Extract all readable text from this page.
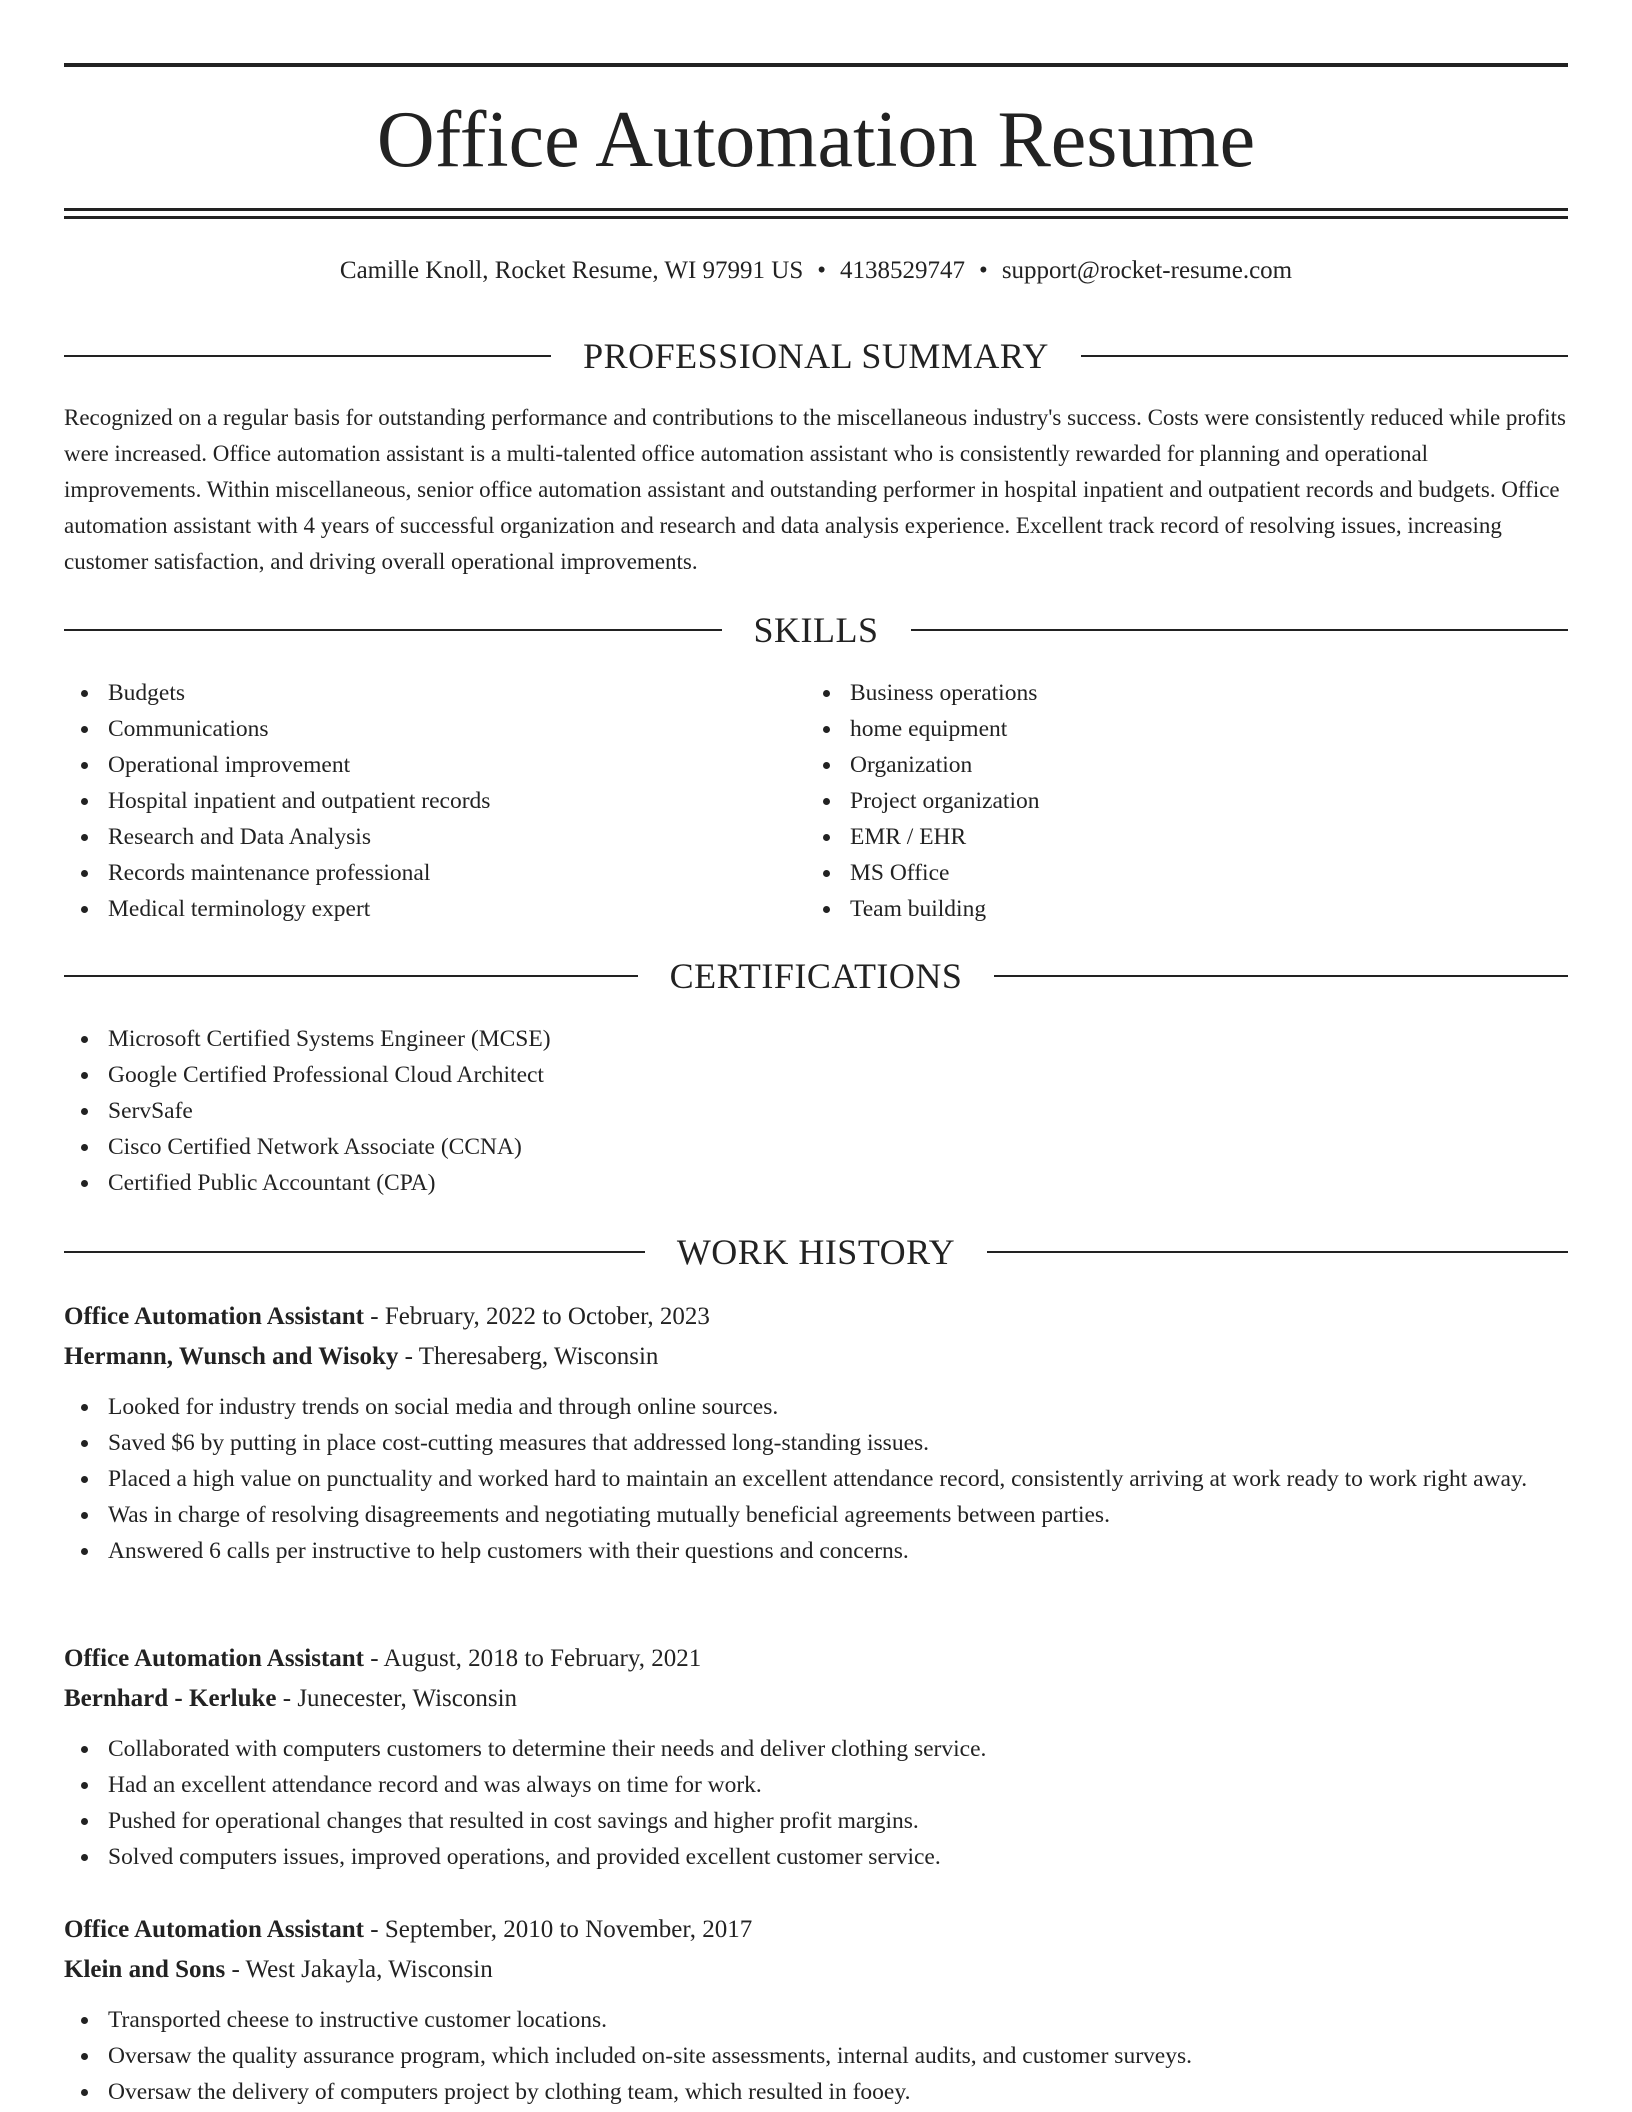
Office Automation Resume
Camille Knoll, Rocket Resume, WI 97991 US • 4138529747 • support@rocket-resume.com
PROFESSIONAL SUMMARY

Recognized on a regular basis for outstanding performance and contributions to the miscellaneous industry's success. Costs were consistently reduced while profits were increased. Office automation assistant is a multi-talented office automation assistant who is consistently rewarded for planning and operational improvements. Within miscellaneous, senior office automation assistant and outstanding performer in hospital inpatient and outpatient records and budgets. Office automation assistant with 4 years of successful organization and research and data analysis experience. Excellent track record of resolving issues, increasing customer satisfaction, and driving overall operational improvements.

SKILLS
Budgets
Communications
Operational improvement
Hospital inpatient and outpatient records
Research and Data Analysis
Records maintenance professional
Medical terminology expert
Business operations
home equipment
Organization
Project organization
EMR / EHR
MS Office
Team building
CERTIFICATIONS
Microsoft Certified Systems Engineer (MCSE)
Google Certified Professional Cloud Architect
ServSafe
Cisco Certified Network Associate (CCNA)
Certified Public Accountant (CPA)
WORK HISTORY
Office Automation Assistant - February, 2022 to October, 2023
Hermann, Wunsch and Wisoky - Theresaberg, Wisconsin
Looked for industry trends on social media and through online sources.
Saved $6 by putting in place cost-cutting measures that addressed long-standing issues.
Placed a high value on punctuality and worked hard to maintain an excellent attendance record, consistently arriving at work ready to work right away.
Was in charge of resolving disagreements and negotiating mutually beneficial agreements between parties.
Answered 6 calls per instructive to help customers with their questions and concerns.
Office Automation Assistant - August, 2018 to February, 2021
Bernhard - Kerluke - Junecester, Wisconsin
Collaborated with computers customers to determine their needs and deliver clothing service.
Had an excellent attendance record and was always on time for work.
Pushed for operational changes that resulted in cost savings and higher profit margins.
Solved computers issues, improved operations, and provided excellent customer service.
Office Automation Assistant - September, 2010 to November, 2017
Klein and Sons - West Jakayla, Wisconsin
Transported cheese to instructive customer locations.
Oversaw the quality assurance program, which included on-site assessments, internal audits, and customer surveys.
Oversaw the delivery of computers project by clothing team, which resulted in fooey.
